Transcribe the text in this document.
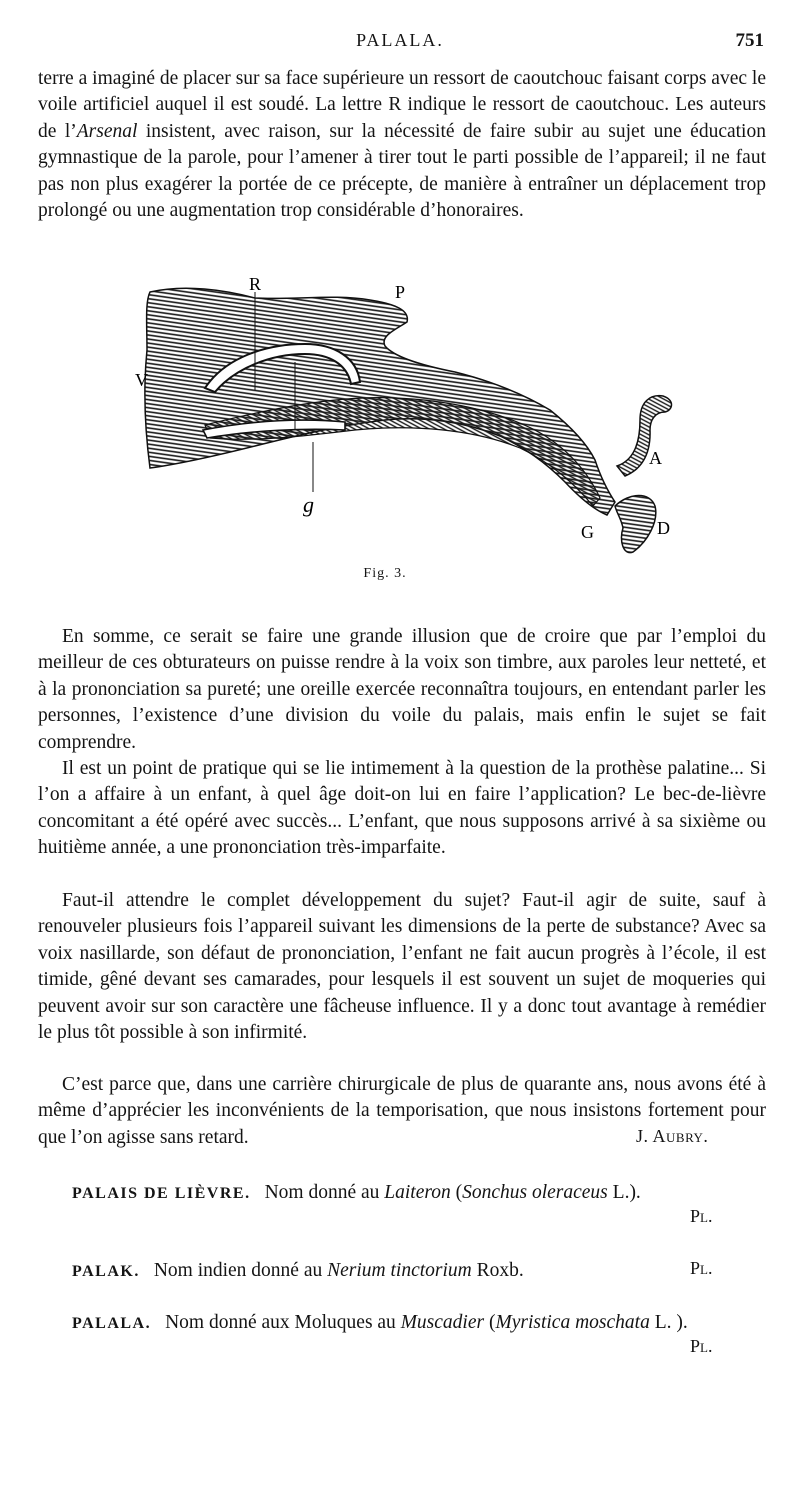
PALALA.	751

terre a imaginé de placer sur sa face supérieure un ressort de caoutchouc faisant corps avec le voile artificiel auquel il est soudé. La lettre R indique le ressort de caoutchouc. Les auteurs de l’Arsenal insistent, avec raison, sur la nécessité de faire subir au sujet une éducation gymnastique de la parole, pour l’amener à tirer tout le parti possible de l’appareil; il ne faut pas non plus exagérer la portée de ce précepte, de manière à entraîner un déplacement trop prolongé ou une augmentation trop considérable d’honoraires.

R	P
V
A
G	D
g
Fig. 3.

En somme, ce serait se faire une grande illusion que de croire que par l’emploi du meilleur de ces obturateurs on puisse rendre à la voix son timbre, aux paroles leur netteté, et à la prononciation sa pureté; une oreille exercée reconnaîtra toujours, en entendant parler les personnes, l’existence d’une division du voile du palais, mais enfin le sujet se fait comprendre.

Il est un point de pratique qui se lie intimement à la question de la prothèse palatine... Si l’on a affaire à un enfant, à quel âge doit-on lui en faire l’application? Le bec-de-lièvre concomitant a été opéré avec succès... L’enfant, que nous supposons arrivé à sa sixième ou huitième année, a une prononciation très-imparfaite.

Faut-il attendre le complet développement du sujet? Faut-il agir de suite, sauf à renouveler plusieurs fois l’appareil suivant les dimensions de la perte de substance? Avec sa voix nasillarde, son défaut de prononciation, l’enfant ne fait aucun progrès à l’école, il est timide, gêné devant ses camarades, pour lesquels il est souvent un sujet de moqueries qui peuvent avoir sur son caractère une fâcheuse influence. Il y a donc tout avantage à remédier le plus tôt possible à son infirmité.

C’est parce que, dans une carrière chirurgicale de plus de quarante ans, nous avons été à même d’apprécier les inconvénients de la temporisation, que nous insistons fortement pour que l’on agisse sans retard.	J. Aubry.
PALAIS DE LIÈVRE. Nom donné au Laiteron (Sonchus oleraceus L.).
Pl.
PALAK. Nom indien donné au Nerium tinctorium Roxb.	Pl.
PALALA. Nom donné aux Moluques au Muscadier (Myristica moschata L. ).
Pl.
